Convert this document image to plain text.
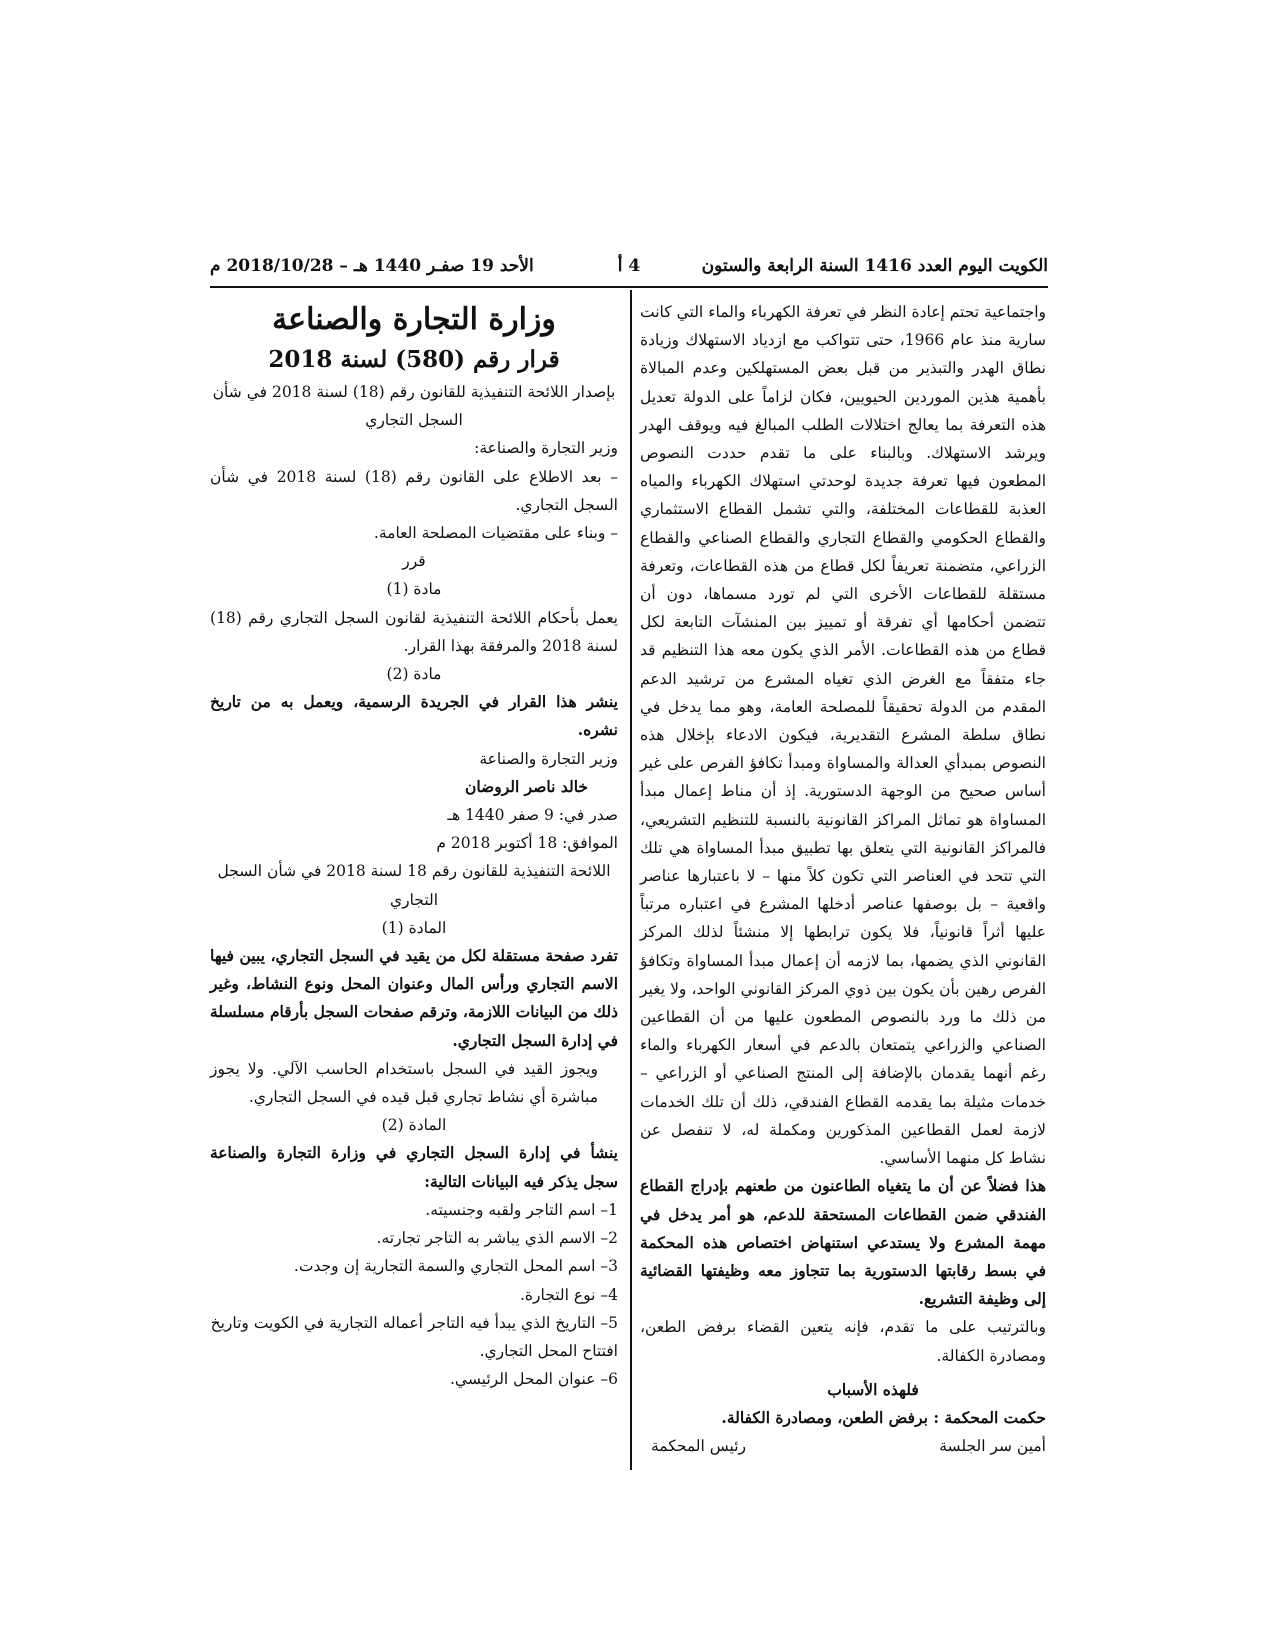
الكويت اليوم العدد 1416 السنة الرابعة والستون
4 أ
الأحد 19 صفـر 1440 هـ – 2018/10/28 م

واجتماعية تحتم إعادة النظر في تعرفة الكهرباء والماء التي كانت سارية منذ عام 1966، حتى تتواكب مع ازدياد الاستهلاك وزيادة نطاق الهدر والتبذير من قبل بعض المستهلكين وعدم المبالاة بأهمية هذين الموردين الحيويين، فكان لزاماً على الدولة تعديل هذه التعرفة بما يعالج اختلالات الطلب المبالغ فيه ويوقف الهدر ويرشد الاستهلاك. وبالبناء على ما تقدم حددت النصوص المطعون فيها تعرفة جديدة لوحدتي استهلاك الكهرباء والمياه العذبة للقطاعات المختلفة، والتي تشمل القطاع الاستثماري والقطاع الحكومي والقطاع التجاري والقطاع الصناعي والقطاع الزراعي، متضمنة تعريفاً لكل قطاع من هذه القطاعات، وتعرفة مستقلة للقطاعات الأخرى التي لم تورد مسماها، دون أن تتضمن أحكامها أي تفرقة أو تمييز بين المنشآت التابعة لكل قطاع من هذه القطاعات. الأمر الذي يكون معه هذا التنظيم قد جاء متفقاً مع الغرض الذي تغياه المشرع من ترشيد الدعم المقدم من الدولة تحقيقاً للمصلحة العامة، وهو مما يدخل في نطاق سلطة المشرع التقديرية، فيكون الادعاء بإخلال هذه النصوص بمبدأي العدالة والمساواة ومبدأ تكافؤ الفرص على غير أساس صحيح من الوجهة الدستورية. إذ أن مناط إعمال مبدأ المساواة هو تماثل المراكز القانونية بالنسبة للتنظيم التشريعي، فالمراكز القانونية التي يتعلق بها تطبيق مبدأ المساواة هي تلك التي تتحد في العناصر التي تكون كلاً منها – لا باعتبارها عناصر واقعية – بل بوصفها عناصر أدخلها المشرع في اعتباره مرتباً عليها أثراً قانونياً، فلا يكون ترابطها إلا منشئاً لذلك المركز القانوني الذي يضمها، بما لازمه أن إعمال مبدأ المساواة وتكافؤ الفرص رهين بأن يكون بين ذوي المركز القانوني الواحد، ولا يغير من ذلك ما ورد بالنصوص المطعون عليها من أن القطاعين الصناعي والزراعي يتمتعان بالدعم في أسعار الكهرباء والماء رغم أنهما يقدمان بالإضافة إلى المنتج الصناعي أو الزراعي – خدمات مثيلة بما يقدمه القطاع الفندقي، ذلك أن تلك الخدمات لازمة لعمل القطاعين المذكورين ومكملة له، لا تنفصل عن نشاط كل منهما الأساسي.

هذا فضلاً عن أن ما يتغياه الطاعنون من طعنهم بإدراج القطاع الفندقي ضمن القطاعات المستحقة للدعم، هو أمر يدخل في مهمة المشرع ولا يستدعي استنهاض اختصاص هذه المحكمة في بسط رقابتها الدستورية بما تتجاوز معه وظيفتها القضائية إلى وظيفة التشريع.

وبالترتيب على ما تقدم، فإنه يتعين القضاء برفض الطعن، ومصادرة الكفالة.

فلهذه الأسباب

حكمت المحكمة : برفض الطعن، ومصادرة الكفالة.

أمين سر الجلسة
رئيس المحكمة

وزارة التجارة والصناعة

قرار رقم (580) لسنة 2018

بإصدار اللائحة التنفيذية للقانون رقم (18) لسنة 2018 في شأن السجل التجاري

وزير التجارة والصناعة:

– بعد الاطلاع على القانون رقم (18) لسنة 2018 في شأن السجل التجاري.

– وبناء على مقتضيات المصلحة العامة.

قرر

مادة (1)

يعمل بأحكام اللائحة التنفيذية لقانون السجل التجاري رقم (18) لسنة 2018 والمرفقة بهذا القرار.

مادة (2)

ينشر هذا القرار في الجريدة الرسمية، ويعمل به من تاريخ نشره.

وزير التجارة والصناعة

خالد ناصر الروضان

صدر في: 9 صفر 1440 هـ

الموافق: 18 أكتوبر 2018 م

اللائحة التنفيذية للقانون رقم 18 لسنة 2018 في شأن السجل التجاري

المادة (1)

تفرد صفحة مستقلة لكل من يقيد في السجل التجاري، يبين فيها الاسم التجاري ورأس المال وعنوان المحل ونوع النشاط، وغير ذلك من البيانات اللازمة، وترقم صفحات السجل بأرقام مسلسلة في إدارة السجل التجاري.

ويجوز القيد في السجل باستخدام الحاسب الآلي. ولا يجوز مباشرة أي نشاط تجاري قبل قيده في السجل التجاري.

المادة (2)

ينشأ في إدارة السجل التجاري في وزارة التجارة والصناعة سجل يذكر فيه البيانات التالية:

1– اسم التاجر ولقبه وجنسيته.

2– الاسم الذي يباشر به التاجر تجارته.

3– اسم المحل التجاري والسمة التجارية إن وجدت.

4– نوع التجارة.

5– التاريخ الذي يبدأ فيه التاجر أعماله التجارية في الكويت وتاريخ افتتاح المحل التجاري.

6– عنوان المحل الرئيسي.
